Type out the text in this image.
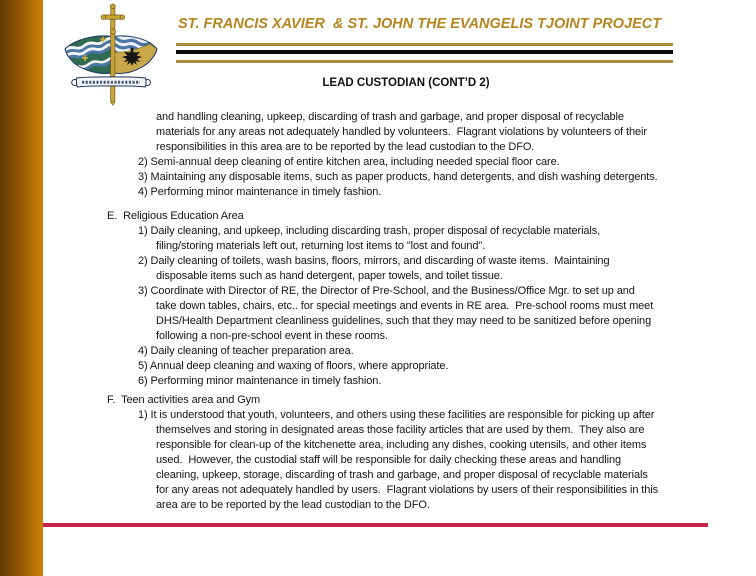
ST. FRANCIS XAVIER  & ST. JOHN THE EVANGELIS TJOINT PROJECT
LEAD CUSTODIAN (CONT’D 2)
and handling cleaning, upkeep, discarding of trash and garbage, and proper disposal of recyclable
materials for any areas not adequately handled by volunteers.  Flagrant violations by volunteers of their
responsibilities in this area are to be reported by the lead custodian to the DFO.
2) Semi-annual deep cleaning of entire kitchen area, including needed special floor care.
3) Maintaining any disposable items, such as paper products, hand detergents, and dish washing detergents.
4) Performing minor maintenance in timely fashion.
E.  Religious Education Area
1) Daily cleaning, and upkeep, including discarding trash, proper disposal of recyclable materials,
filing/storing materials left out, returning lost items to "lost and found".
2) Daily cleaning of toilets, wash basins, floors, mirrors, and discarding of waste items.  Maintaining
disposable items such as hand detergent, paper towels, and toilet tissue.
3) Coordinate with Director of RE, the Director of Pre-School, and the Business/Office Mgr. to set up and
take down tables, chairs, etc.. for special meetings and events in RE area.  Pre-school rooms must meet
DHS/Health Department cleanliness guidelines, such that they may need to be sanitized before opening
following a non-pre-school event in these rooms.
4) Daily cleaning of teacher preparation area.
5) Annual deep cleaning and waxing of floors, where appropriate.
6) Performing minor maintenance in timely fashion.
F.  Teen activities area and Gym
1) It is understood that youth, volunteers, and others using these facilities are responsible for picking up after
themselves and storing in designated areas those facility articles that are used by them.  They also are
responsible for clean-up of the kitchenette area, including any dishes, cooking utensils, and other items
used.  However, the custodial staff will be responsible for daily checking these areas and handling
cleaning, upkeep, storage, discarding of trash and garbage, and proper disposal of recyclable materials
for any areas not adequately handled by users.  Flagrant violations by users of their responsibilities in this
area are to be reported by the lead custodian to the DFO.
